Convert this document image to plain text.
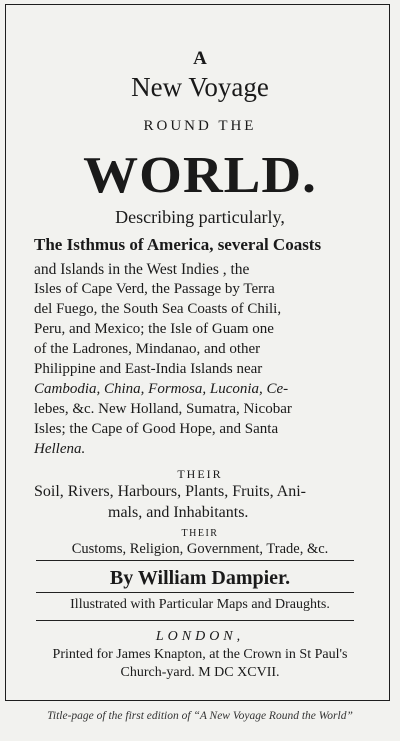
A
New Voyage
ROUND THE
WORLD.
Describing particularly,
The Isthmus of America, several Coasts
and Islands in the West Indies , the
Isles of Cape Verd, the Passage by Terra
del Fuego, the South Sea Coasts of Chili,
Peru, and Mexico; the Isle of Guam one
of the Ladrones, Mindanao, and other
Philippine and East-India Islands near
Cambodia, China, Formosa, Luconia, Ce-
lebes, &c. New Holland, Sumatra, Nicobar
Isles; the Cape of Good Hope, and Santa
Hellena.
THEIR
Soil, Rivers, Harbours, Plants, Fruits, Ani-
mals, and Inhabitants.
THEIR
Customs, Religion, Government, Trade, &c.
By William Dampier.
Illustrated with Particular Maps and Draughts.
LONDON,
Printed for James Knapton, at the Crown in St Paul's
Church-yard. M DC XCVII.
Title-page of the first edition of “A New Voyage Round the World”
